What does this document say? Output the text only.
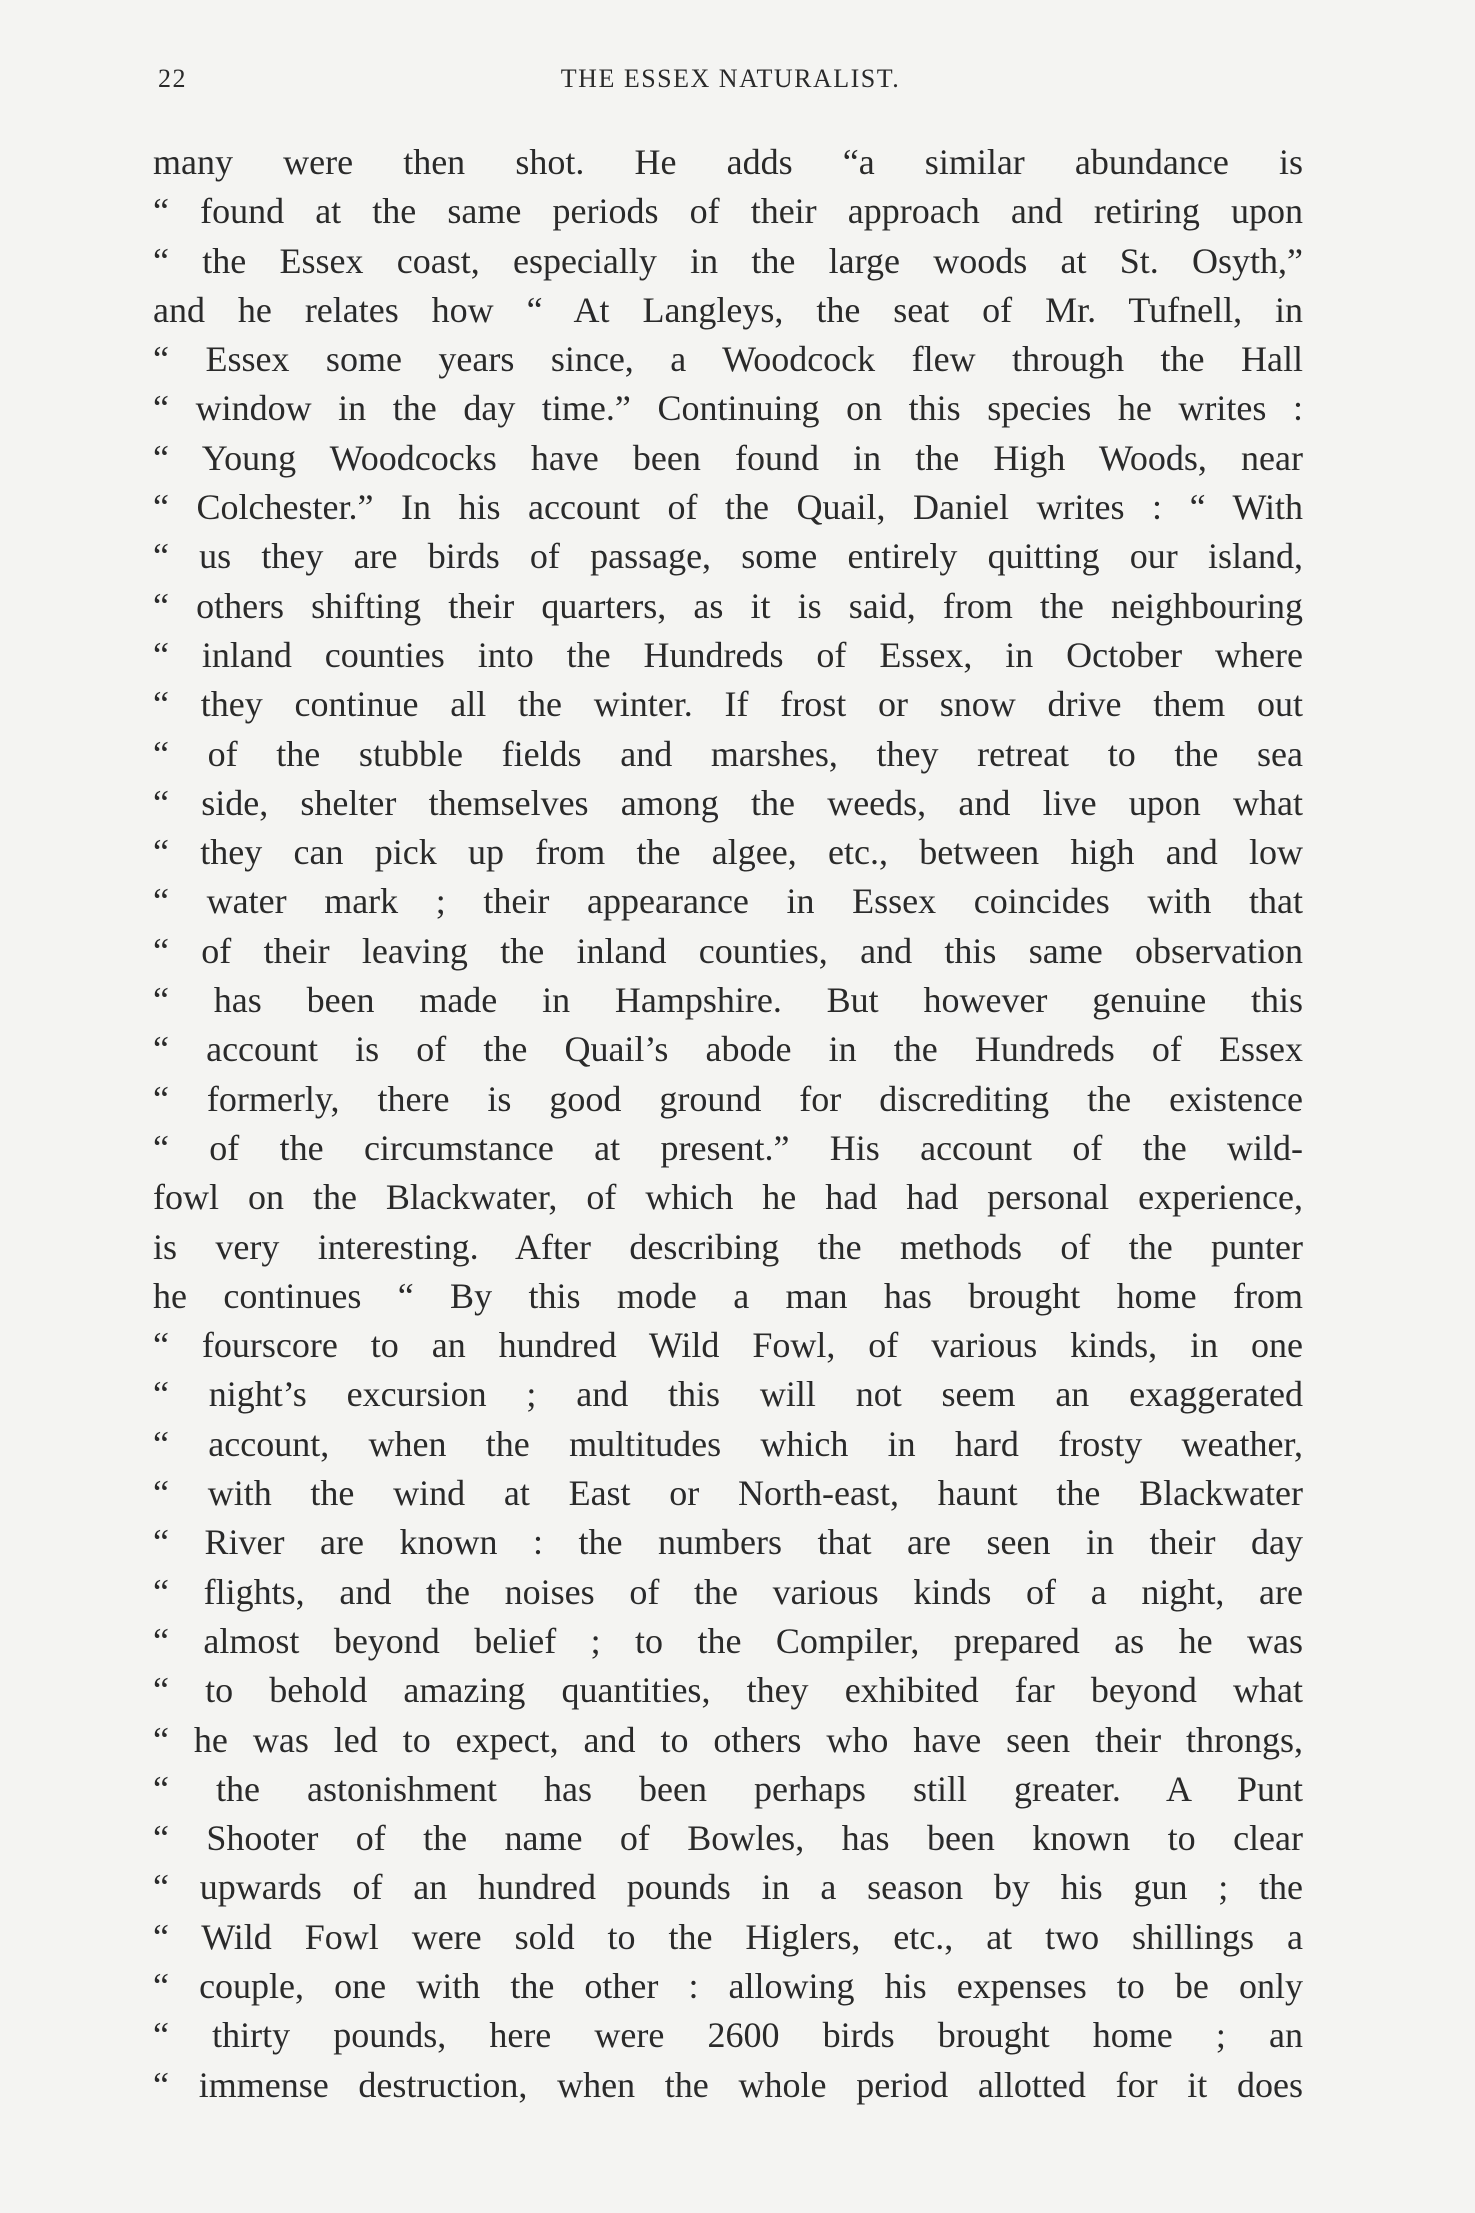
22	THE ESSEX NATURALIST.
many were then shot. He adds “a similar abundance is
“ found at the same periods of their approach and retiring upon
“ the Essex coast, especially in the large woods at St. Osyth,”
and he relates how “ At Langleys, the seat of Mr. Tufnell, in
“ Essex some years since, a Woodcock flew through the Hall
“ window in the day time.” Continuing on this species he writes :
“ Young Woodcocks have been found in the High Woods, near
“ Colchester.” In his account of the Quail, Daniel writes : “ With
“ us they are birds of passage, some entirely quitting our island,
“ others shifting their quarters, as it is said, from the neighbouring
“ inland counties into the Hundreds of Essex, in October where
“ they continue all the winter. If frost or snow drive them out
“ of the stubble fields and marshes, they retreat to the sea
“ side, shelter themselves among the weeds, and live upon what
“ they can pick up from the algee, etc., between high and low
“ water mark ; their appearance in Essex coincides with that
“ of their leaving the inland counties, and this same observation
“ has been made in Hampshire. But however genuine this
“ account is of the Quail’s abode in the Hundreds of Essex
“ formerly, there is good ground for discrediting the existence
“ of the circumstance at present.” His account of the wild-
fowl on the Blackwater, of which he had had personal experience,
is very interesting. After describing the methods of the punter
he continues “ By this mode a man has brought home from
“ fourscore to an hundred Wild Fowl, of various kinds, in one
“ night’s excursion ; and this will not seem an exaggerated
“ account, when the multitudes which in hard frosty weather,
“ with the wind at East or North-east, haunt the Blackwater
“ River are known : the numbers that are seen in their day
“ flights, and the noises of the various kinds of a night, are
“ almost beyond belief ; to the Compiler, prepared as he was
“ to behold amazing quantities, they exhibited far beyond what
“ he was led to expect, and to others who have seen their throngs,
“ the astonishment has been perhaps still greater. A Punt
“ Shooter of the name of Bowles, has been known to clear
“ upwards of an hundred pounds in a season by his gun ; the
“ Wild Fowl were sold to the Higlers, etc., at two shillings a
“ couple, one with the other : allowing his expenses to be only
“ thirty pounds, here were 2600 birds brought home ; an
“ immense destruction, when the whole period allotted for it does
